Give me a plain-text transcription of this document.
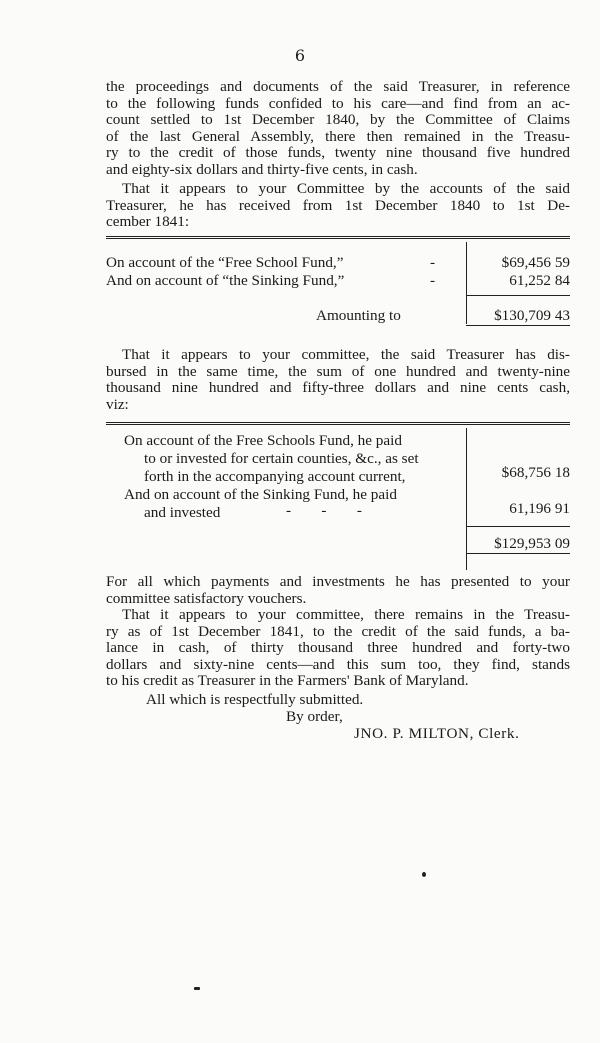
6
the proceedings and documents of the said Treasurer, in reference
to the following funds confided to his care—and find from an ac-
count settled to 1st December 1840, by the Committee of Claims
of the last General Assembly, there then remained in the Treasu-
ry to the credit of those funds, twenty nine thousand five hundred
and eighty-six dollars and thirty-five cents, in cash.
That it appears to your Committee by the accounts of the said
Treasurer, he has received from 1st December 1840 to 1st De-
cember 1841:
On account of the “Free School Fund,”	-	$69,456 59
And on account of “the Sinking Fund,”	-	61,252 84
Amounting to	$130,709 43
That it appears to your committee, the said Treasurer has dis-
bursed in the same time, the sum of one hundred and twenty-nine
thousand nine hundred and fifty-three dollars and nine cents cash,
viz:
On account of the Free Schools Fund, he paid
to or invested for certain counties, &c., as set
forth in the accompanying account current,	$68,756 18
And on account of the Sinking Fund, he paid
and invested	-        -        -	61,196 91
$129,953 09
For all which payments and investments he has presented to your
committee satisfactory vouchers.
That it appears to your committee, there remains in the Treasu-
ry as of 1st December 1841, to the credit of the said funds, a ba-
lance in cash, of thirty thousand three hundred and forty-two
dollars and sixty-nine cents—and this sum too, they find, stands
to his credit as Treasurer in the Farmers' Bank of Maryland.
All which is respectfully submitted.
By order,
JNO. P. MILTON, Clerk.
